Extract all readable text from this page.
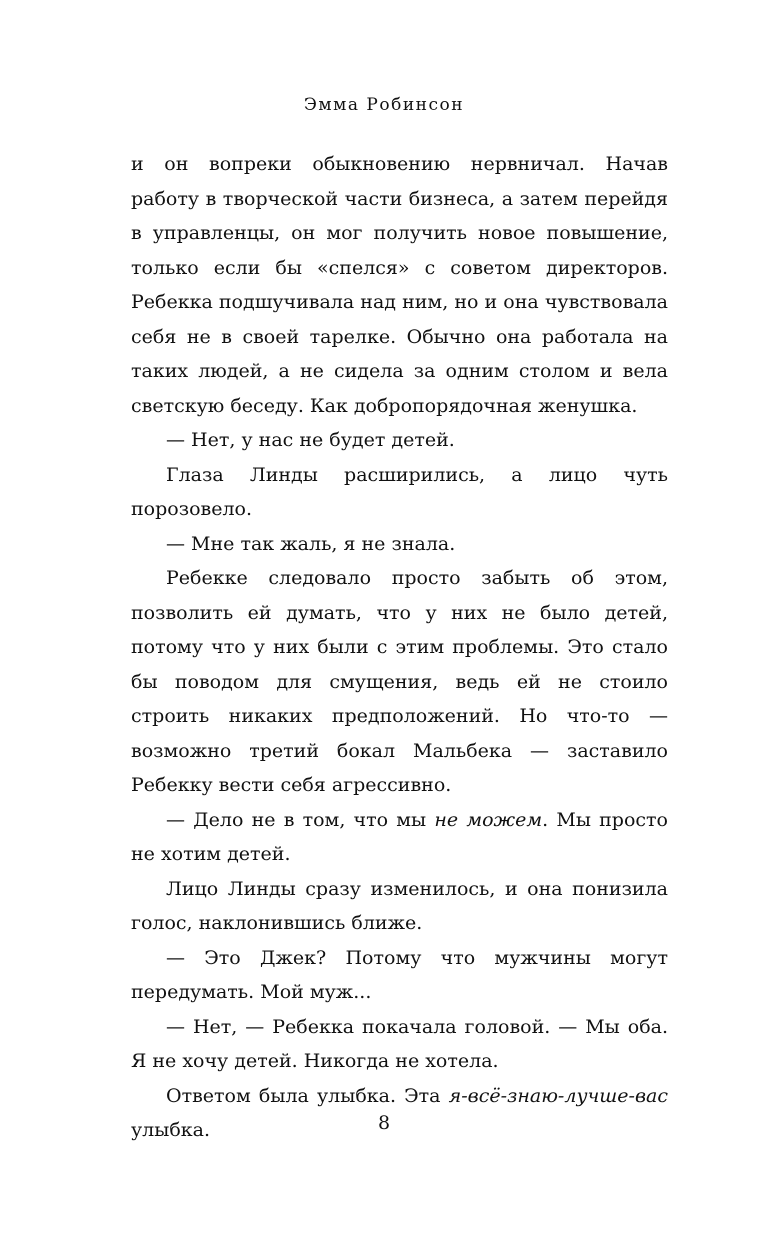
Эмма Робинсон

и он вопреки обыкновению нервничал. Начав работу в творческой части бизнеса, а затем перейдя в управленцы, он мог получить новое повышение, только если бы «спелся» с советом директоров. Ребекка подшучивала над ним, но и она чувствовала себя не в своей тарелке. Обычно она работала на таких людей, а не сидела за одним столом и вела светскую беседу. Как добропорядочная женушка.

— Нет, у нас не будет детей.

Глаза Линды расширились, а лицо чуть порозовело.

— Мне так жаль, я не знала.

Ребекке следовало просто забыть об этом, позволить ей думать, что у них не было детей, потому что у них были с этим проблемы. Это стало бы поводом для смущения, ведь ей не стоило строить никаких предположений. Но что-то — возможно третий бокал Мальбека — заставило Ребекку вести себя агрессивно.

— Дело не в том, что мы не можем. Мы просто не хотим детей.

Лицо Линды сразу изменилось, и она понизила голос, наклонившись ближе.

— Это Джек? Потому что мужчины могут передумать. Мой муж...

— Нет, — Ребекка покачала головой. — Мы оба. Я не хочу детей. Никогда не хотела.

Ответом была улыбка. Эта я-всё-знаю-лучше-вас улыбка.	8
